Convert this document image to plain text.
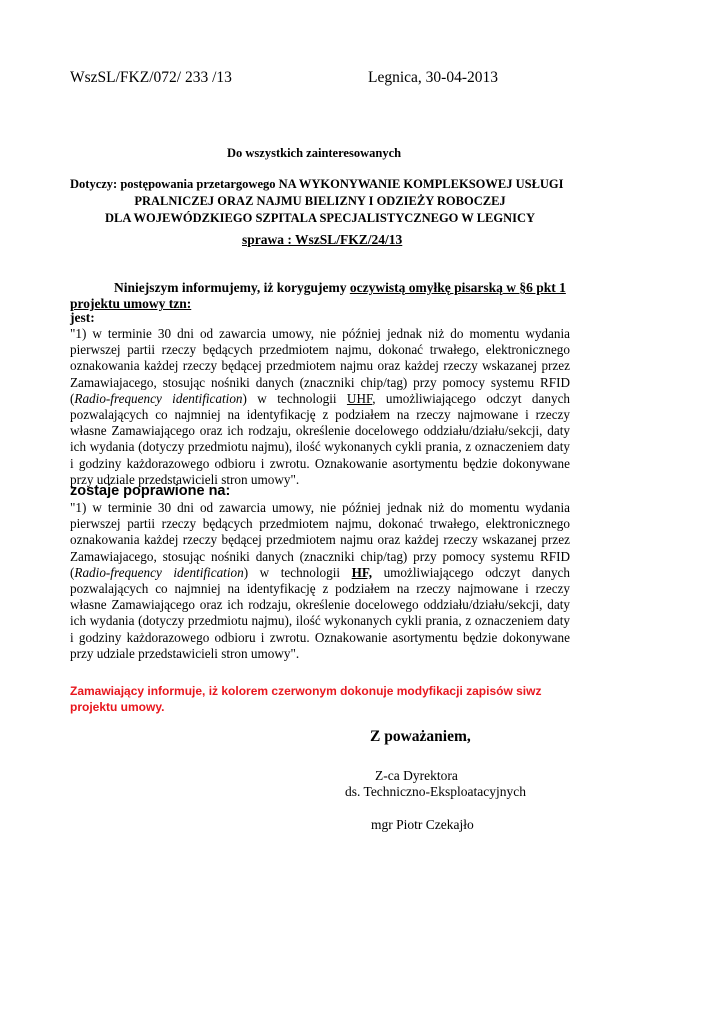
WszSL/FKZ/072/ 233 /13	Legnica, 30-04-2013
Do wszystkich zainteresowanych
Dotyczy: postępowania przetargowego NA WYKONYWANIE KOMPLEKSOWEJ USŁUGI
PRALNICZEJ ORAZ NAJMU BIELIZNY I ODZIEŻY ROBOCZEJ
DLA WOJEWÓDZKIEGO SZPITALA SPECJALISTYCZNEGO W LEGNICY
sprawa : WszSL/FKZ/24/13
Niniejszym informujemy, iż korygujemy oczywistą omyłkę pisarską w §6 pkt 1 projektu umowy tzn:
jest:
"1) w terminie 30 dni od zawarcia umowy, nie później jednak niż do momentu wydania pierwszej partii rzeczy będących przedmiotem najmu, dokonać trwałego, elektronicznego oznakowania każdej rzeczy będącej przedmiotem najmu oraz każdej rzeczy wskazanej przez Zamawiajacego, stosując nośniki danych (znaczniki chip/tag) przy pomocy systemu RFID (Radio-frequency identification) w technologii UHF, umożliwiającego odczyt danych pozwalających co najmniej na identyfikację z podziałem na rzeczy najmowane i rzeczy własne Zamawiającego oraz ich rodzaju, określenie docelowego oddziału/działu/sekcji, daty ich wydania (dotyczy przedmiotu najmu), ilość wykonanych cykli prania, z oznaczeniem daty i godziny każdorazowego odbioru i zwrotu. Oznakowanie asortymentu będzie dokonywane przy udziale przedstawicieli stron umowy".
zostaje poprawione na:
"1) w terminie 30 dni od zawarcia umowy, nie później jednak niż do momentu wydania pierwszej partii rzeczy będących przedmiotem najmu, dokonać trwałego, elektronicznego oznakowania każdej rzeczy będącej przedmiotem najmu oraz każdej rzeczy wskazanej przez Zamawiajacego, stosując nośniki danych (znaczniki chip/tag) przy pomocy systemu RFID (Radio-frequency identification) w technologii HF, umożliwiającego odczyt danych pozwalających co najmniej na identyfikację z podziałem na rzeczy najmowane i rzeczy własne Zamawiającego oraz ich rodzaju, określenie docelowego oddziału/działu/sekcji, daty ich wydania (dotyczy przedmiotu najmu), ilość wykonanych cykli prania, z oznaczeniem daty i godziny każdorazowego odbioru i zwrotu. Oznakowanie asortymentu będzie dokonywane przy udziale przedstawicieli stron umowy".
Zamawiający informuje, iż kolorem czerwonym dokonuje modyfikacji zapisów siwz projektu umowy.
Z poważaniem,
Z-ca Dyrektora
ds. Techniczno-Eksploatacyjnych
mgr Piotr Czekajło
